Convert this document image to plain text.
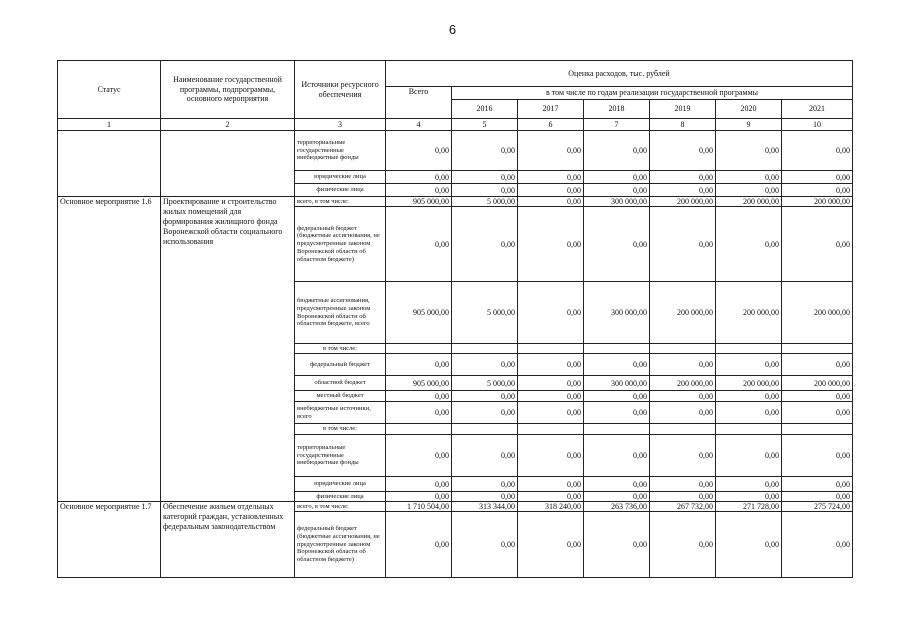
6
Статус	Наименование государственной программы, подпрограммы, основного мероприятия	Источники ресурсного обеспечения	Оценка расходов, тыс. рублей						
			Всего	в том числе по годам реализации государственной программы					
				2016	2017	2018	2019	2020	2021
1	2	3	4	5	6	7	8	9	10
		территориальные государственные внебюджетные фонды	0,00	0,00	0,00	0,00	0,00	0,00	0,00
		юридические лица	0,00	0,00	0,00	0,00	0,00	0,00	0,00
		физические лица	0,00	0,00	0,00	0,00	0,00	0,00	0,00
Основное мероприятие 1.6	Проектирование и строительство жилых помещений для формирования жилищного фонда Воронежской области социального использования	всего, в том числе:	905 000,00	5 000,00	0,00	300 000,00	200 000,00	200 000,00	200 000,00
		федеральный бюджет (бюджетные ассигнования, не предусмотренные законом Воронежской области об областном бюджете)	0,00	0,00	0,00	0,00	0,00	0,00	0,00
		бюджетные ассигнования, предусмотренные законом Воронежской области об областном бюджете, всего	905 000,00	5 000,00	0,00	300 000,00	200 000,00	200 000,00	200 000,00
		в том числе:							
		федеральный бюджет	0,00	0,00	0,00	0,00	0,00	0,00	0,00
		областной бюджет	905 000,00	5 000,00	0,00	300 000,00	200 000,00	200 000,00	200 000,00
		местный бюджет	0,00	0,00	0,00	0,00	0,00	0,00	0,00
		внебюджетные источники, всего	0,00	0,00	0,00	0,00	0,00	0,00	0,00
		в том числе:							
		территориальные государственные внебюджетные фонды	0,00	0,00	0,00	0,00	0,00	0,00	0,00
		юридические лица	0,00	0,00	0,00	0,00	0,00	0,00	0,00
		физические лица	0,00	0,00	0,00	0,00	0,00	0,00	0,00
Основное мероприятие 1.7	Обеспечение жильем отдельных категорий граждан, установленных федеральным законодательством	всего, в том числе:	1 710 504,00	313 344,00	318 240,00	263 736,00	267 732,00	271 728,00	275 724,00
		федеральный бюджет (бюджетные ассигнования, не предусмотренные законом Воронежской области об областном бюджете)	0,00	0,00	0,00	0,00	0,00	0,00	0,00
